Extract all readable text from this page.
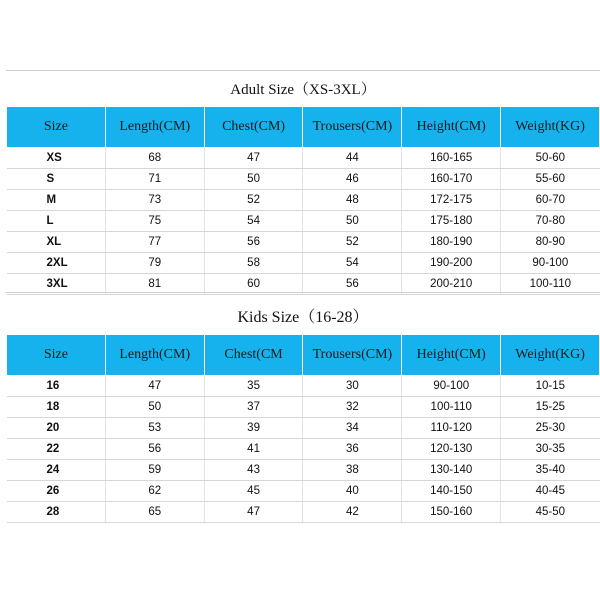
Adult Size（XS-3XL）
Size	Length(CM)	Chest(CM)	Trousers(CM)	Height(CM)	Weight(KG)
XS	68	47	44	160-165	50-60
S	71	50	46	160-170	55-60
M	73	52	48	172-175	60-70
L	75	54	50	175-180	70-80
XL	77	56	52	180-190	80-90
2XL	79	58	54	190-200	90-100
3XL	81	60	56	200-210	100-110
Kids Size（16-28）
Size	Length(CM)	Chest(CM	Trousers(CM)	Height(CM)	Weight(KG)
16	47	35	30	90-100	10-15
18	50	37	32	100-110	15-25
20	53	39	34	110-120	25-30
22	56	41	36	120-130	30-35
24	59	43	38	130-140	35-40
26	62	45	40	140-150	40-45
28	65	47	42	150-160	45-50
